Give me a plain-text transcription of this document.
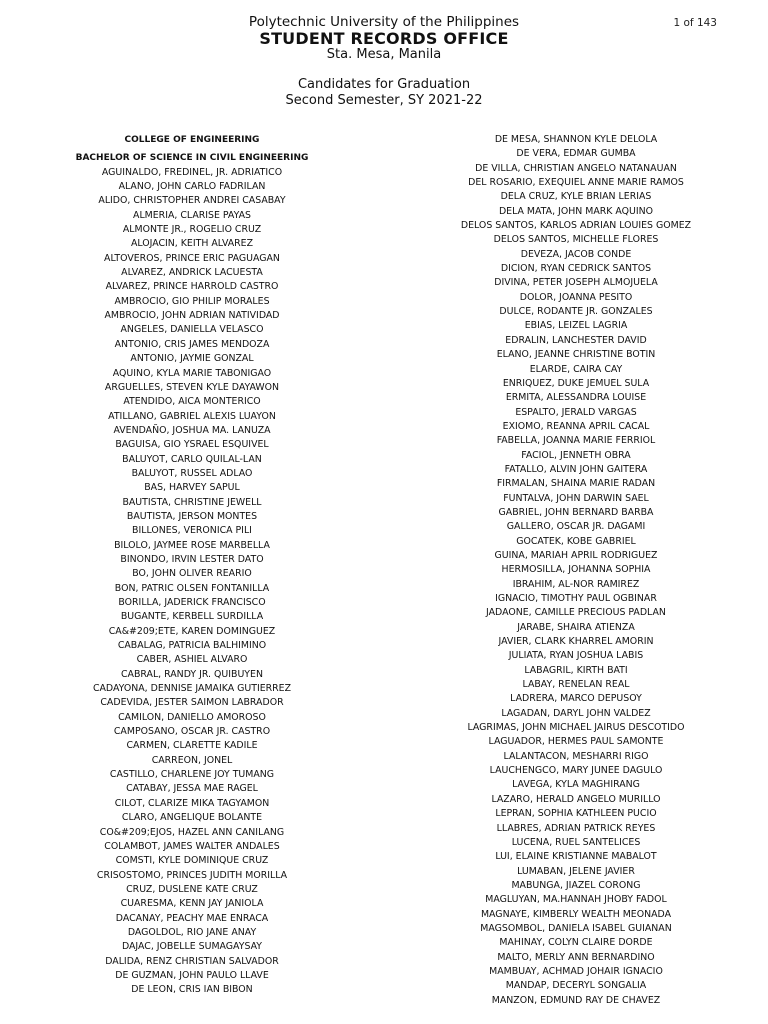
1 of 143
Polytechnic University of the Philippines
STUDENT RECORDS OFFICE
Sta. Mesa, Manila
Candidates for Graduation
Second Semester, SY 2021-22
COLLEGE OF ENGINEERING
BACHELOR OF SCIENCE IN CIVIL ENGINEERING
AGUINALDO, FREDINEL, JR. ADRIATICO
ALANO, JOHN CARLO FADRILAN
ALIDO, CHRISTOPHER ANDREI CASABAY
ALMERIA, CLARISE PAYAS
ALMONTE JR., ROGELIO CRUZ
ALOJACIN, KEITH ALVAREZ
ALTOVEROS, PRINCE ERIC PAGUAGAN
ALVAREZ, ANDRICK LACUESTA
ALVAREZ, PRINCE HARROLD CASTRO
AMBROCIO, GIO PHILIP MORALES
AMBROCIO, JOHN ADRIAN NATIVIDAD
ANGELES, DANIELLA VELASCO
ANTONIO, CRIS JAMES MENDOZA
ANTONIO, JAYMIE GONZAL
AQUINO, KYLA MARIE TABONIGAO
ARGUELLES, STEVEN KYLE DAYAWON
ATENDIDO, AICA MONTERICO
ATILLANO, GABRIEL ALEXIS LUAYON
AVENDAÑO, JOSHUA MA. LANUZA
BAGUISA, GIO YSRAEL ESQUIVEL
BALUYOT, CARLO QUILAL-LAN
BALUYOT, RUSSEL ADLAO
BAS, HARVEY SAPUL
BAUTISTA, CHRISTINE JEWELL
BAUTISTA, JERSON MONTES
BILLONES, VERONICA PILI
BILOLO, JAYMEE ROSE MARBELLA
BINONDO, IRVIN LESTER DATO
BO, JOHN OLIVER REARIO
BON, PATRIC OLSEN FONTANILLA
BORILLA, JADERICK FRANCISCO
BUGANTE, KERBELL SURDILLA
CA&#209;ETE, KAREN DOMINGUEZ
CABALAG, PATRICIA BALHIMINO
CABER, ASHIEL ALVARO
CABRAL, RANDY JR. QUIBUYEN
CADAYONA, DENNISE JAMAIKA GUTIERREZ
CADEVIDA, JESTER SAIMON LABRADOR
CAMILON, DANIELLO AMOROSO
CAMPOSANO, OSCAR JR. CASTRO
CARMEN, CLARETTE KADILE
CARREON, JONEL
CASTILLO, CHARLENE JOY TUMANG
CATABAY, JESSA MAE RAGEL
CILOT, CLARIZE MIKA TAGYAMON
CLARO, ANGELIQUE BOLANTE
CO&#209;EJOS, HAZEL ANN CANILANG
COLAMBOT, JAMES WALTER ANDALES
COMSTI, KYLE DOMINIQUE CRUZ
CRISOSTOMO, PRINCES JUDITH MORILLA
CRUZ, DUSLENE KATE CRUZ
CUARESMA, KENN JAY JANIOLA
DACANAY, PEACHY MAE ENRACA
DAGOLDOL, RIO JANE ANAY
DAJAC, JOBELLE SUMAGAYSAY
DALIDA, RENZ CHRISTIAN SALVADOR
DE GUZMAN, JOHN PAULO LLAVE
DE LEON, CRIS IAN BIBON
DE MESA, SHANNON KYLE DELOLA
DE VERA, EDMAR GUMBA
DE VILLA, CHRISTIAN ANGELO NATANAUAN
DEL ROSARIO, EXEQUIEL ANNE MARIE RAMOS
DELA CRUZ, KYLE BRIAN LERIAS
DELA MATA, JOHN MARK AQUINO
DELOS SANTOS, KARLOS ADRIAN LOUIES GOMEZ
DELOS SANTOS, MICHELLE FLORES
DEVEZA, JACOB CONDE
DICION, RYAN CEDRICK SANTOS
DIVINA, PETER JOSEPH ALMOJUELA
DOLOR, JOANNA PESITO
DULCE, RODANTE JR. GONZALES
EBIAS, LEIZEL LAGRIA
EDRALIN, LANCHESTER DAVID
ELANO, JEANNE CHRISTINE BOTIN
ELARDE, CAIRA CAY
ENRIQUEZ, DUKE JEMUEL SULA
ERMITA, ALESSANDRA LOUISE
ESPALTO, JERALD VARGAS
EXIOMO, REANNA APRIL CACAL
FABELLA, JOANNA MARIE FERRIOL
FACIOL, JENNETH OBRA
FATALLO, ALVIN JOHN GAITERA
FIRMALAN, SHAINA MARIE RADAN
FUNTALVA, JOHN DARWIN SAEL
GABRIEL, JOHN BERNARD BARBA
GALLERO, OSCAR JR. DAGAMI
GOCATEK, KOBE GABRIEL
GUINA, MARIAH APRIL RODRIGUEZ
HERMOSILLA, JOHANNA SOPHIA
IBRAHIM, AL-NOR RAMIREZ
IGNACIO, TIMOTHY PAUL OGBINAR
JADAONE, CAMILLE PRECIOUS PADLAN
JARABE, SHAIRA ATIENZA
JAVIER, CLARK KHARREL AMORIN
JULIATA, RYAN JOSHUA LABIS
LABAGRIL, KIRTH BATI
LABAY, RENELAN REAL
LADRERA, MARCO DEPUSOY
LAGADAN, DARYL JOHN VALDEZ
LAGRIMAS, JOHN MICHAEL JAIRUS DESCOTIDO
LAGUADOR, HERMES PAUL SAMONTE
LALANTACON, MESHARRI RIGO
LAUCHENGCO, MARY JUNEE DAGULO
LAVEGA, KYLA MAGHIRANG
LAZARO, HERALD ANGELO MURILLO
LEPRAN, SOPHIA KATHLEEN PUCIO
LLABRES, ADRIAN PATRICK REYES
LUCENA, RUEL SANTELICES
LUI, ELAINE KRISTIANNE MABALOT
LUMABAN, JELENE JAVIER
MABUNGA, JIAZEL CORONG
MAGLUYAN, MA.HANNAH JHOBY FADOL
MAGNAYE, KIMBERLY WEALTH MEONADA
MAGSOMBOL, DANIELA ISABEL GUIANAN
MAHINAY, COLYN CLAIRE DORDE
MALTO, MERLY ANN BERNARDINO
MAMBUAY, ACHMAD JOHAIR IGNACIO
MANDAP, DECERYL SONGALIA
MANZON, EDMUND RAY DE CHAVEZ
